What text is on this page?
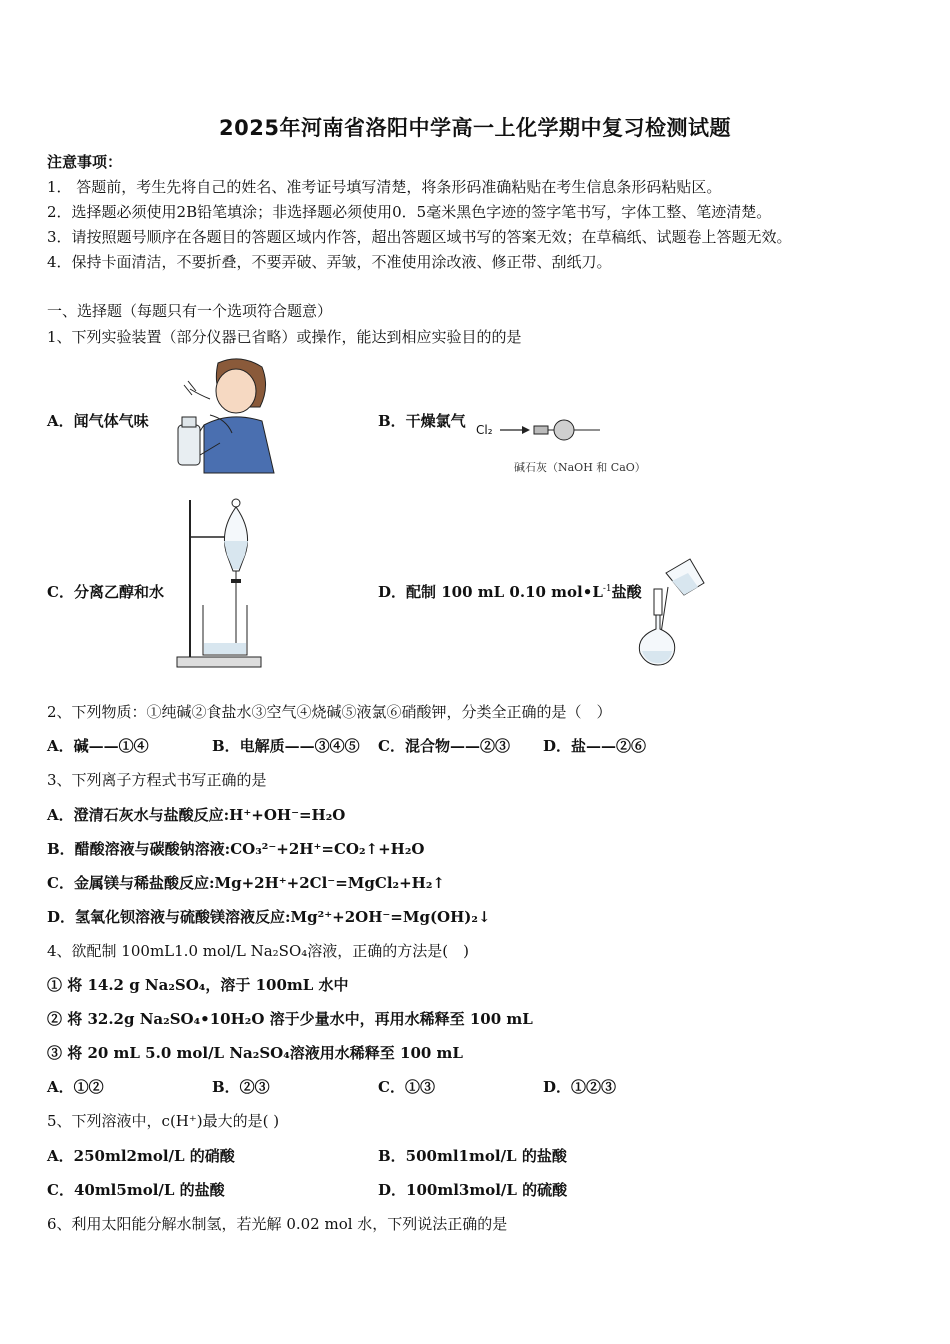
2025年河南省洛阳中学高一上化学期中复习检测试题
注意事项：
1． 答题前，考生先将自己的姓名、准考证号填写清楚，将条形码准确粘贴在考生信息条形码粘贴区。
2．选择题必须使用2B铅笔填涂；非选择题必须使用0．5毫米黑色字迹的签字笔书写，字体工整、笔迹清楚。
3．请按照题号顺序在各题目的答题区域内作答，超出答题区域书写的答案无效；在草稿纸、试题卷上答题无效。
4．保持卡面清洁，不要折叠，不要弄破、弄皱，不准使用涂改液、修正带、刮纸刀。
一、选择题（每题只有一个选项符合题意）
1、下列实验装置（部分仪器已省略）或操作，能达到相应实验目的的是
A．闻气体气味	B．干燥氯气
C．分离乙醇和水	D．配制 100 mL 0.10 $mol•L^{-1}$盐酸
Cl₂
碱石灰（NaOH 和 CaO）
2、下列物质：①纯碱②食盐水③空气④烧碱⑤液氯⑥硝酸钾，分类全正确的是（　）
A．碱——①④	B．电解质——③④⑤ C．混合物——②③ D．盐——②⑥
3、下列离子方程式书写正确的是
A．澄清石灰水与盐酸反应:H⁺+OH⁻=H₂O
B．醋酸溶液与碳酸钠溶液:CO₃²⁻+2H⁺=CO₂↑+H₂O
C．金属镁与稀盐酸反应:Mg+2H⁺+2Cl⁻=MgCl₂+H₂↑
D．氢氧化钡溶液与硫酸镁溶液反应:Mg²⁺+2OH⁻=Mg(OH)₂↓
4、欲配制 100mL1.0 mol/L Na₂SO₄溶液，正确的方法是(　)
① 将 14.2 g Na₂SO₄，溶于 100mL 水中
② 将 32.2g Na₂SO₄•10H₂O 溶于少量水中，再用水稀释至 100 mL
③ 将 20 mL 5.0 mol/L Na₂SO₄溶液用水稀释至 100 mL
A．①②	B．②③	C．①③	D．①②③
5、下列溶液中，c(H⁺)最大的是( )
A．250ml2mol/L 的硝酸	B．500ml1mol/L 的盐酸
C．40ml5mol/L 的盐酸	D．100ml3mol/L 的硫酸
6、利用太阳能分解水制氢，若光解 0.02 mol 水，下列说法正确的是
